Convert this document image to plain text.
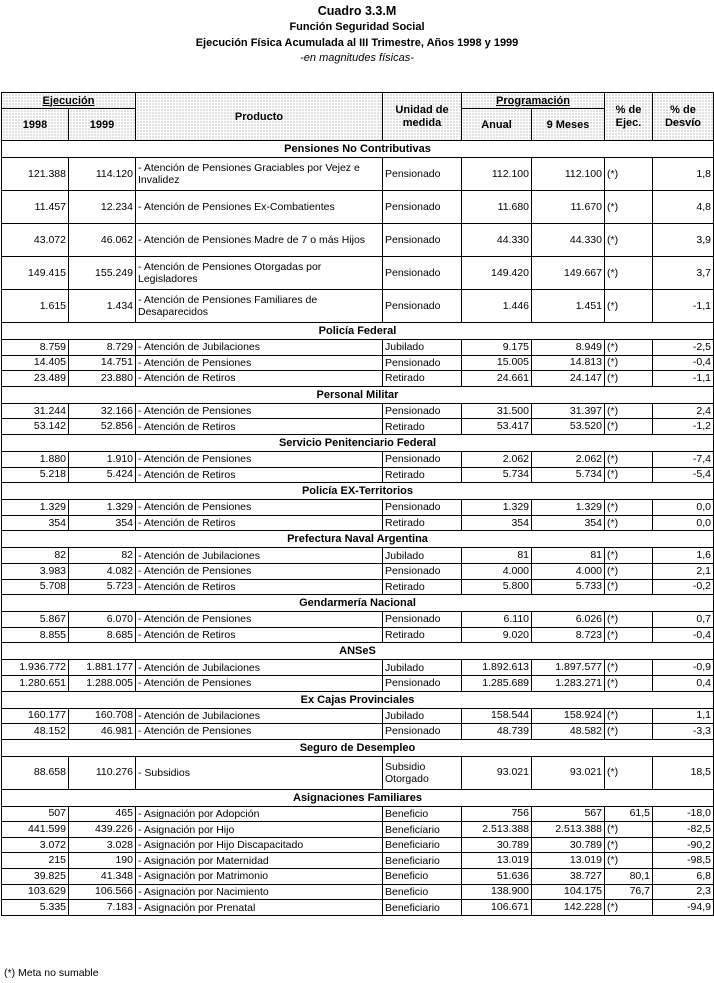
Cuadro 3.3.M
Función Seguridad Social
Ejecución Física Acumulada al III Trimestre, Años 1998 y 1999
-en magnitudes físicas-
Ejecución		Producto	Unidad de medida	Programación		% de Ejec.	% de Desvío
1998	1999			Anual	9 Meses		
Pensiones No Contributivas							
121.388	114.120	- Atención de Pensiones Graciables por Vejez e Invalidez	Pensionado	112.100	112.100	(*)	1,8
11.457	12.234	- Atención de Pensiones Ex-Combatientes	Pensionado	11.680	11.670	(*)	4,8
43.072	46.062	- Atención de Pensiones Madre de 7 o más Hijos	Pensionado	44.330	44.330	(*)	3,9
149.415	155.249	- Atención de Pensiones Otorgadas por Legisladores	Pensionado	149.420	149.667	(*)	3,7
1.615	1.434	- Atención de Pensiones Familiares de Desaparecidos	Pensionado	1.446	1.451	(*)	-1,1
Policía Federal							
8.759	8.729	- Atención de Jubilaciones	Jubilado	9.175	8.949	(*)	-2,5
14.405	14.751	- Atención de Pensiones	Pensionado	15.005	14.813	(*)	-0,4
23.489	23.880	- Atención de Retiros	Retirado	24.661	24.147	(*)	-1,1
Personal Militar							
31.244	32.166	- Atención de Pensiones	Pensionado	31.500	31.397	(*)	2,4
53.142	52.856	- Atención de Retiros	Retirado	53.417	53.520	(*)	-1,2
Servicio Penitenciario Federal							
1.880	1.910	- Atención de Pensiones	Pensionado	2.062	2.062	(*)	-7,4
5.218	5.424	- Atención de Retiros	Retirado	5.734	5.734	(*)	-5,4
Policía EX-Territorios							
1.329	1.329	- Atención de Pensiones	Pensionado	1.329	1.329	(*)	0,0
354	354	- Atención de Retiros	Retirado	354	354	(*)	0,0
Prefectura Naval Argentina							
82	82	- Atención de Jubilaciones	Jubilado	81	81	(*)	1,6
3.983	4.082	- Atención de Pensiones	Pensionado	4.000	4.000	(*)	2,1
5.708	5.723	- Atención de Retiros	Retirado	5.800	5.733	(*)	-0,2
Gendarmería Nacional							
5.867	6.070	- Atención de Pensiones	Pensionado	6.110	6.026	(*)	0,7
8.855	8.685	- Atención de Retiros	Retirado	9.020	8.723	(*)	-0,4
ANSeS							
1.936.772	1.881.177	- Atención de Jubilaciones	Jubilado	1.892.613	1.897.577	(*)	-0,9
1.280.651	1.288.005	- Atención de Pensiones	Pensionado	1.285.689	1.283.271	(*)	0,4
Ex Cajas Provinciales							
160.177	160.708	- Atención de Jubilaciones	Jubilado	158.544	158.924	(*)	1,1
48.152	46.981	- Atención de Pensiones	Pensionado	48.739	48.582	(*)	-3,3
Seguro de Desempleo							
88.658	110.276	- Subsidios	Subsidio Otorgado	93.021	93.021	(*)	18,5
Asignaciones Familiares							
507	465	- Asignación por Adopción	Beneficio	756	567	61,5	-18,0
441.599	439.226	- Asignación por Hijo	Beneficiario	2.513.388	2.513.388	(*)	-82,5
3.072	3.028	- Asignación por Hijo Discapacitado	Beneficiario	30.789	30.789	(*)	-90,2
215	190	- Asignación por Maternidad	Beneficiario	13.019	13.019	(*)	-98,5
39.825	41.348	- Asignación por Matrimonio	Beneficio	51.636	38.727	80,1	6,8
103.629	106.566	- Asignación por Nacimiento	Beneficio	138.900	104.175	76,7	2,3
5.335	7.183	- Asignación por Prenatal	Beneficiario	106.671	142.228	(*)	-94,9
(*) Meta no sumable
